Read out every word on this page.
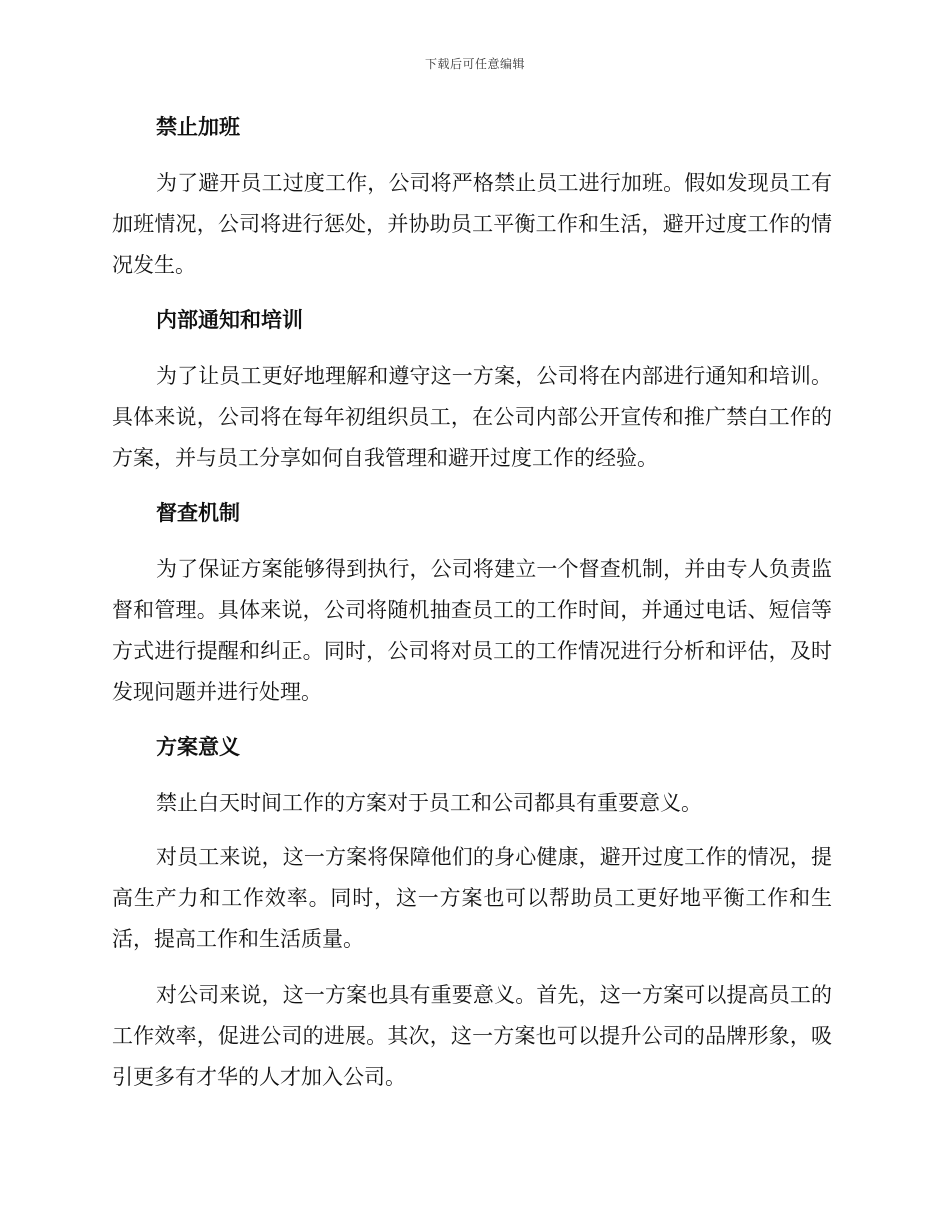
下载后可任意编辑
禁止加班

为了避开员工过度工作，公司将严格禁止员工进行加班。假如发现员工有加班情况，公司将进行惩处，并协助员工平衡工作和生活，避开过度工作的情况发生。

内部通知和培训

为了让员工更好地理解和遵守这一方案，公司将在内部进行通知和培训。具体来说，公司将在每年初组织员工，在公司内部公开宣传和推广禁白工作的方案，并与员工分享如何自我管理和避开过度工作的经验。

督查机制

为了保证方案能够得到执行，公司将建立一个督查机制，并由专人负责监督和管理。具体来说，公司将随机抽查员工的工作时间，并通过电话、短信等方式进行提醒和纠正。同时，公司将对员工的工作情况进行分析和评估，及时发现问题并进行处理。

方案意义

禁止白天时间工作的方案对于员工和公司都具有重要意义。

对员工来说，这一方案将保障他们的身心健康，避开过度工作的情况，提高生产力和工作效率。同时，这一方案也可以帮助员工更好地平衡工作和生活，提高工作和生活质量。

对公司来说，这一方案也具有重要意义。首先，这一方案可以提高员工的工作效率，促进公司的进展。其次，这一方案也可以提升公司的品牌形象，吸引更多有才华的人才加入公司。
